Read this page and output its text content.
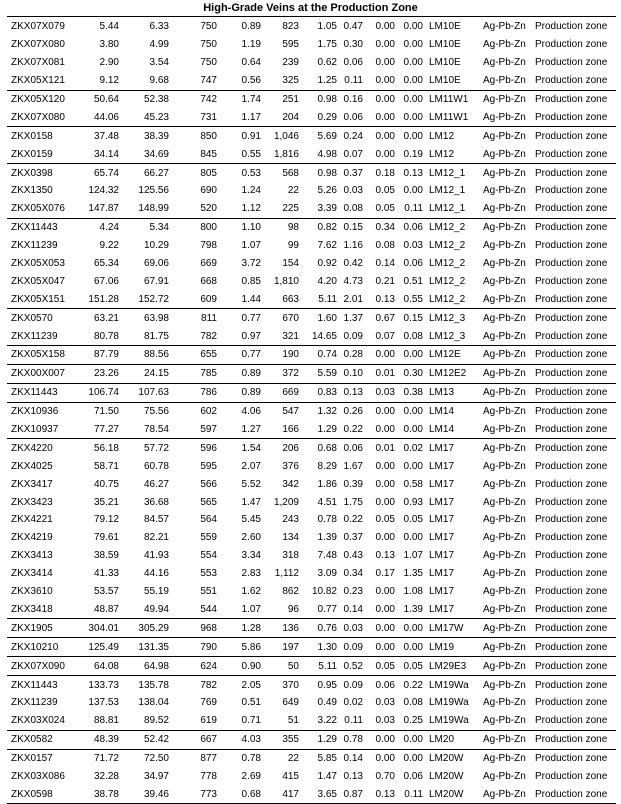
High-Grade Veins at the Production Zone
ZKX07X079	5.44	6.33	750	0.89	823	1.05	0.47	0.00	0.00	LM10E	Ag-Pb-Zn	Production zone
ZKX07X080	3.80	4.99	750	1.19	595	1.75	0.30	0.00	0.00	LM10E	Ag-Pb-Zn	Production zone
ZKX07X081	2.90	3.54	750	0.64	239	0.62	0.06	0.00	0.00	LM10E	Ag-Pb-Zn	Production zone
ZKX05X121	9.12	9.68	747	0.56	325	1.25	0.11	0.00	0.00	LM10E	Ag-Pb-Zn	Production zone
ZKX05X120	50.64	52.38	742	1.74	251	0.98	0.16	0.00	0.00	LM11W1	Ag-Pb-Zn	Production zone
ZKX07X080	44.06	45.23	731	1.17	204	0.29	0.06	0.00	0.00	LM11W1	Ag-Pb-Zn	Production zone
ZKX0158	37.48	38.39	850	0.91	1,046	5.69	0.24	0.00	0.00	LM12	Ag-Pb-Zn	Production zone
ZKX0159	34.14	34.69	845	0.55	1,816	4.98	0.07	0.00	0.19	LM12	Ag-Pb-Zn	Production zone
ZKX0398	65.74	66.27	805	0.53	568	0.98	0.37	0.18	0.13	LM12_1	Ag-Pb-Zn	Production zone
ZKX1350	124.32	125.56	690	1.24	22	5.26	0.03	0.05	0.00	LM12_1	Ag-Pb-Zn	Production zone
ZKX05X076	147.87	148.99	520	1.12	225	3.39	0.08	0.05	0.11	LM12_1	Ag-Pb-Zn	Production zone
ZKX11443	4.24	5.34	800	1.10	98	0.82	0.15	0.34	0.06	LM12_2	Ag-Pb-Zn	Production zone
ZKX11239	9.22	10.29	798	1.07	99	7.62	1.16	0.08	0.03	LM12_2	Ag-Pb-Zn	Production zone
ZKX05X053	65.34	69.06	669	3.72	154	0.92	0.42	0.14	0.06	LM12_2	Ag-Pb-Zn	Production zone
ZKX05X047	67.06	67.91	668	0.85	1,810	4.20	4.73	0.21	0.51	LM12_2	Ag-Pb-Zn	Production zone
ZKX05X151	151.28	152.72	609	1.44	663	5.11	2.01	0.13	0.55	LM12_2	Ag-Pb-Zn	Production zone
ZKX0570	63.21	63.98	811	0.77	670	1.60	1.37	0.67	0.15	LM12_3	Ag-Pb-Zn	Production zone
ZKX11239	80.78	81.75	782	0.97	321	14.65	0.09	0.07	0.08	LM12_3	Ag-Pb-Zn	Production zone
ZKX05X158	87.79	88.56	655	0.77	190	0.74	0.28	0.00	0.00	LM12E	Ag-Pb-Zn	Production zone
ZKX00X007	23.26	24.15	785	0.89	372	5.59	0.10	0.01	0.30	LM12E2	Ag-Pb-Zn	Production zone
ZKX11443	106.74	107.63	786	0.89	669	0.83	0.13	0.03	0.38	LM13	Ag-Pb-Zn	Production zone
ZKX10936	71.50	75.56	602	4.06	547	1.32	0.26	0.00	0.00	LM14	Ag-Pb-Zn	Production zone
ZKX10937	77.27	78.54	597	1.27	166	1.29	0.22	0.00	0.00	LM14	Ag-Pb-Zn	Production zone
ZKX4220	56.18	57.72	596	1.54	206	0.68	0.06	0.01	0.02	LM17	Ag-Pb-Zn	Production zone
ZKX4025	58.71	60.78	595	2.07	376	8.29	1.67	0.00	0.00	LM17	Ag-Pb-Zn	Production zone
ZKX3417	40.75	46.27	566	5.52	342	1.86	0.39	0.00	0.58	LM17	Ag-Pb-Zn	Production zone
ZKX3423	35.21	36.68	565	1.47	1,209	4.51	1.75	0.00	0.93	LM17	Ag-Pb-Zn	Production zone
ZKX4221	79.12	84.57	564	5.45	243	0.78	0.22	0.05	0.05	LM17	Ag-Pb-Zn	Production zone
ZKX4219	79.61	82.21	559	2.60	134	1.39	0.37	0.00	0.00	LM17	Ag-Pb-Zn	Production zone
ZKX3413	38.59	41.93	554	3.34	318	7.48	0.43	0.13	1.07	LM17	Ag-Pb-Zn	Production zone
ZKX3414	41.33	44.16	553	2.83	1,112	3.09	0.34	0.17	1.35	LM17	Ag-Pb-Zn	Production zone
ZKX3610	53.57	55.19	551	1.62	862	10.82	0.23	0.00	1.08	LM17	Ag-Pb-Zn	Production zone
ZKX3418	48.87	49.94	544	1.07	96	0.77	0.14	0.00	1.39	LM17	Ag-Pb-Zn	Production zone
ZKX1905	304.01	305.29	968	1.28	136	0.76	0.03	0.00	0.00	LM17W	Ag-Pb-Zn	Production zone
ZKX10210	125.49	131.35	790	5.86	197	1.30	0.09	0.00	0.00	LM19	Ag-Pb-Zn	Production zone
ZKX07X090	64.08	64.98	624	0.90	50	5.11	0.52	0.05	0.05	LM29E3	Ag-Pb-Zn	Production zone
ZKX11443	133.73	135.78	782	2.05	370	0.95	0.09	0.06	0.22	LM19Wa	Ag-Pb-Zn	Production zone
ZKX11239	137.53	138.04	769	0.51	649	0.49	0.02	0.03	0.08	LM19Wa	Ag-Pb-Zn	Production zone
ZKX03X024	88.81	89.52	619	0.71	51	3.22	0.11	0.03	0.25	LM19Wa	Ag-Pb-Zn	Production zone
ZKX0582	48.39	52.42	667	4.03	355	1.29	0.78	0.00	0.00	LM20	Ag-Pb-Zn	Production zone
ZKX0157	71.72	72.50	877	0.78	22	5.85	0.14	0.00	0.00	LM20W	Ag-Pb-Zn	Production zone
ZKX03X086	32.28	34.97	778	2.69	415	1.47	0.13	0.70	0.06	LM20W	Ag-Pb-Zn	Production zone
ZKX0598	38.78	39.46	773	0.68	417	3.65	0.87	0.13	0.11	LM20W	Ag-Pb-Zn	Production zone
